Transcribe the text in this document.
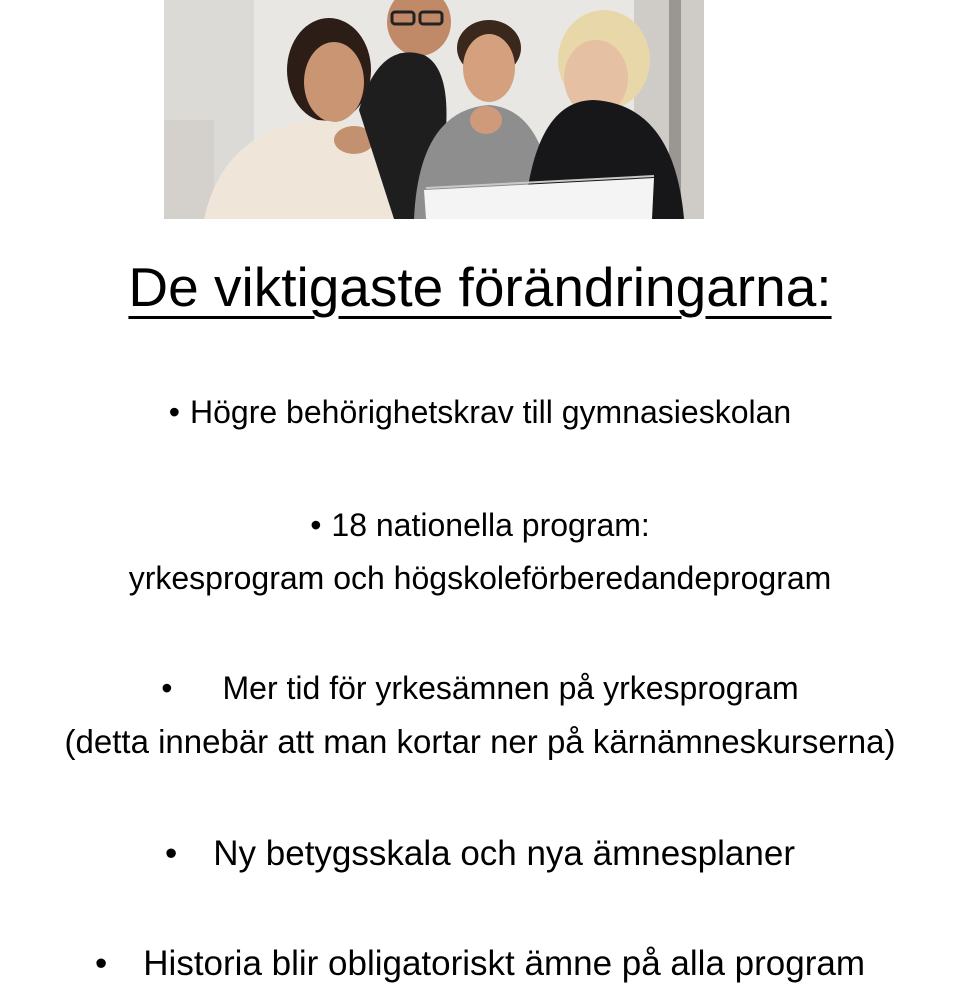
De viktigaste förändringarna:
• Högre behörighetskrav till gymnasieskolan
• 18 nationella program:
yrkesprogram och högskoleförberedandeprogram
• Mer tid för yrkesämnen på yrkesprogram
(detta innebär att man kortar ner på kärnämneskurserna)
• Ny betygsskala och nya ämnesplaner
• Historia blir obligatoriskt ämne på alla program
